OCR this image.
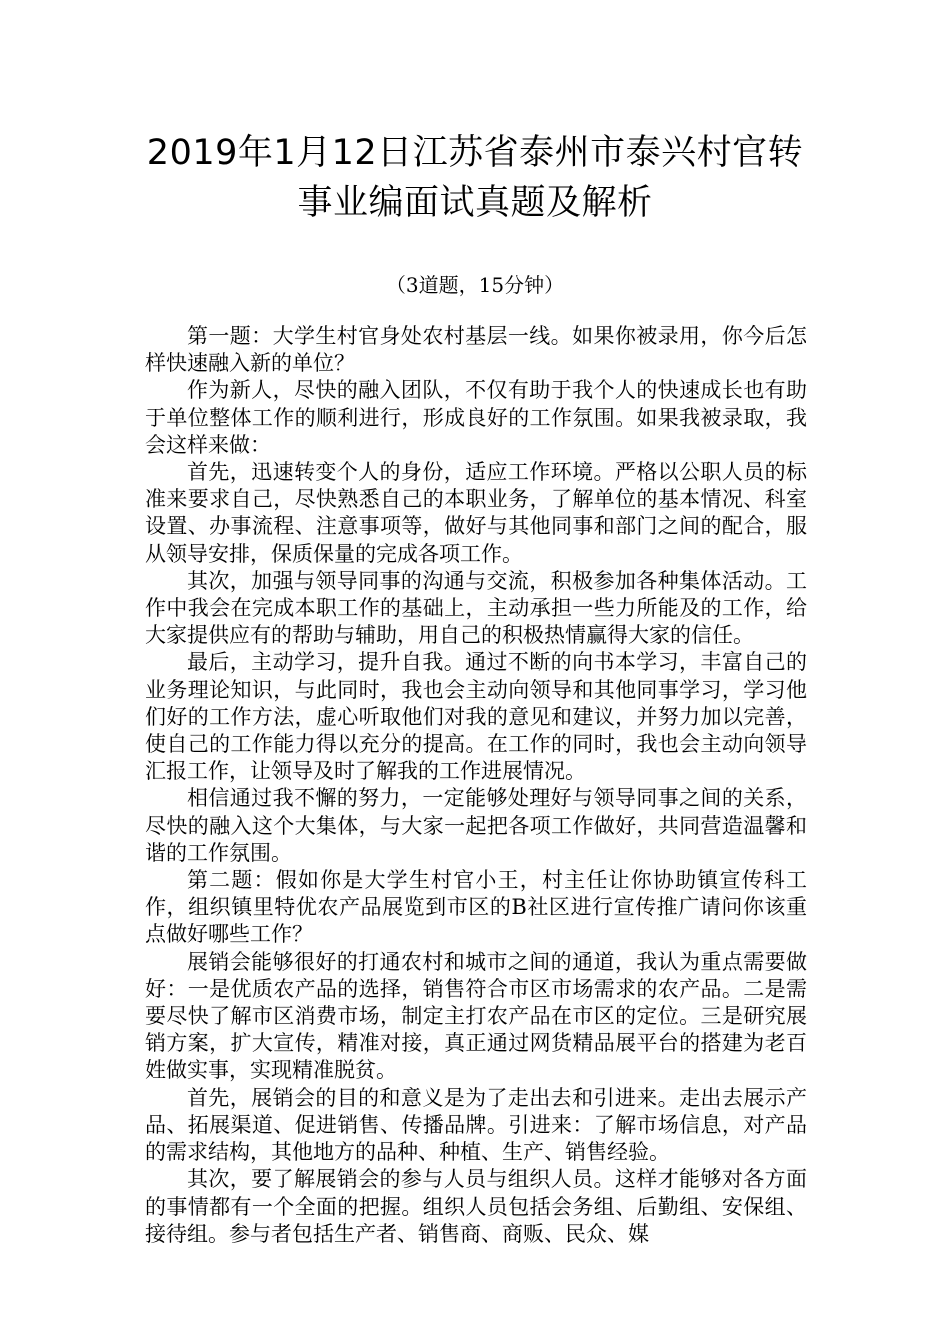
2019年1月12日江苏省泰州市泰兴村官转
事业编面试真题及解析
（3道题，15分钟）

第一题：大学生村官身处农村基层一线。如果你被录用，你今后怎样快速融入新的单位？

作为新人，尽快的融入团队，不仅有助于我个人的快速成长也有助于单位整体工作的顺利进行，形成良好的工作氛围。如果我被录取，我会这样来做：

首先，迅速转变个人的身份，适应工作环境。严格以公职人员的标准来要求自己，尽快熟悉自己的本职业务，了解单位的基本情况、科室设置、办事流程、注意事项等，做好与其他同事和部门之间的配合，服从领导安排，保质保量的完成各项工作。

其次，加强与领导同事的沟通与交流，积极参加各种集体活动。工作中我会在完成本职工作的基础上，主动承担一些力所能及的工作，给大家提供应有的帮助与辅助，用自己的积极热情赢得大家的信任。

最后，主动学习，提升自我。通过不断的向书本学习，丰富自己的业务理论知识，与此同时，我也会主动向领导和其他同事学习，学习他们好的工作方法，虚心听取他们对我的意见和建议，并努力加以完善，使自己的工作能力得以充分的提高。在工作的同时，我也会主动向领导汇报工作，让领导及时了解我的工作进展情况。

相信通过我不懈的努力，一定能够处理好与领导同事之间的关系，尽快的融入这个大集体，与大家一起把各项工作做好，共同营造温馨和谐的工作氛围。

第二题：假如你是大学生村官小王，村主任让你协助镇宣传科工作，组织镇里特优农产品展览到市区的B社区进行宣传推广请问你该重点做好哪些工作？

展销会能够很好的打通农村和城市之间的通道，我认为重点需要做好：一是优质农产品的选择，销售符合市区市场需求的农产品。二是需要尽快了解市区消费市场，制定主打农产品在市区的定位。三是研究展销方案，扩大宣传，精准对接，真正通过网货精品展平台的搭建为老百姓做实事，实现精准脱贫。

首先，展销会的目的和意义是为了走出去和引进来。走出去展示产品、拓展渠道、促进销售、传播品牌。引进来：了解市场信息，对产品的需求结构，其他地方的品种、种植、生产、销售经验。

其次，要了解展销会的参与人员与组织人员。这样才能够对各方面的事情都有一个全面的把握。组织人员包括会务组、后勤组、安保组、接待组。参与者包括生产者、销售商、商贩、民众、媒
